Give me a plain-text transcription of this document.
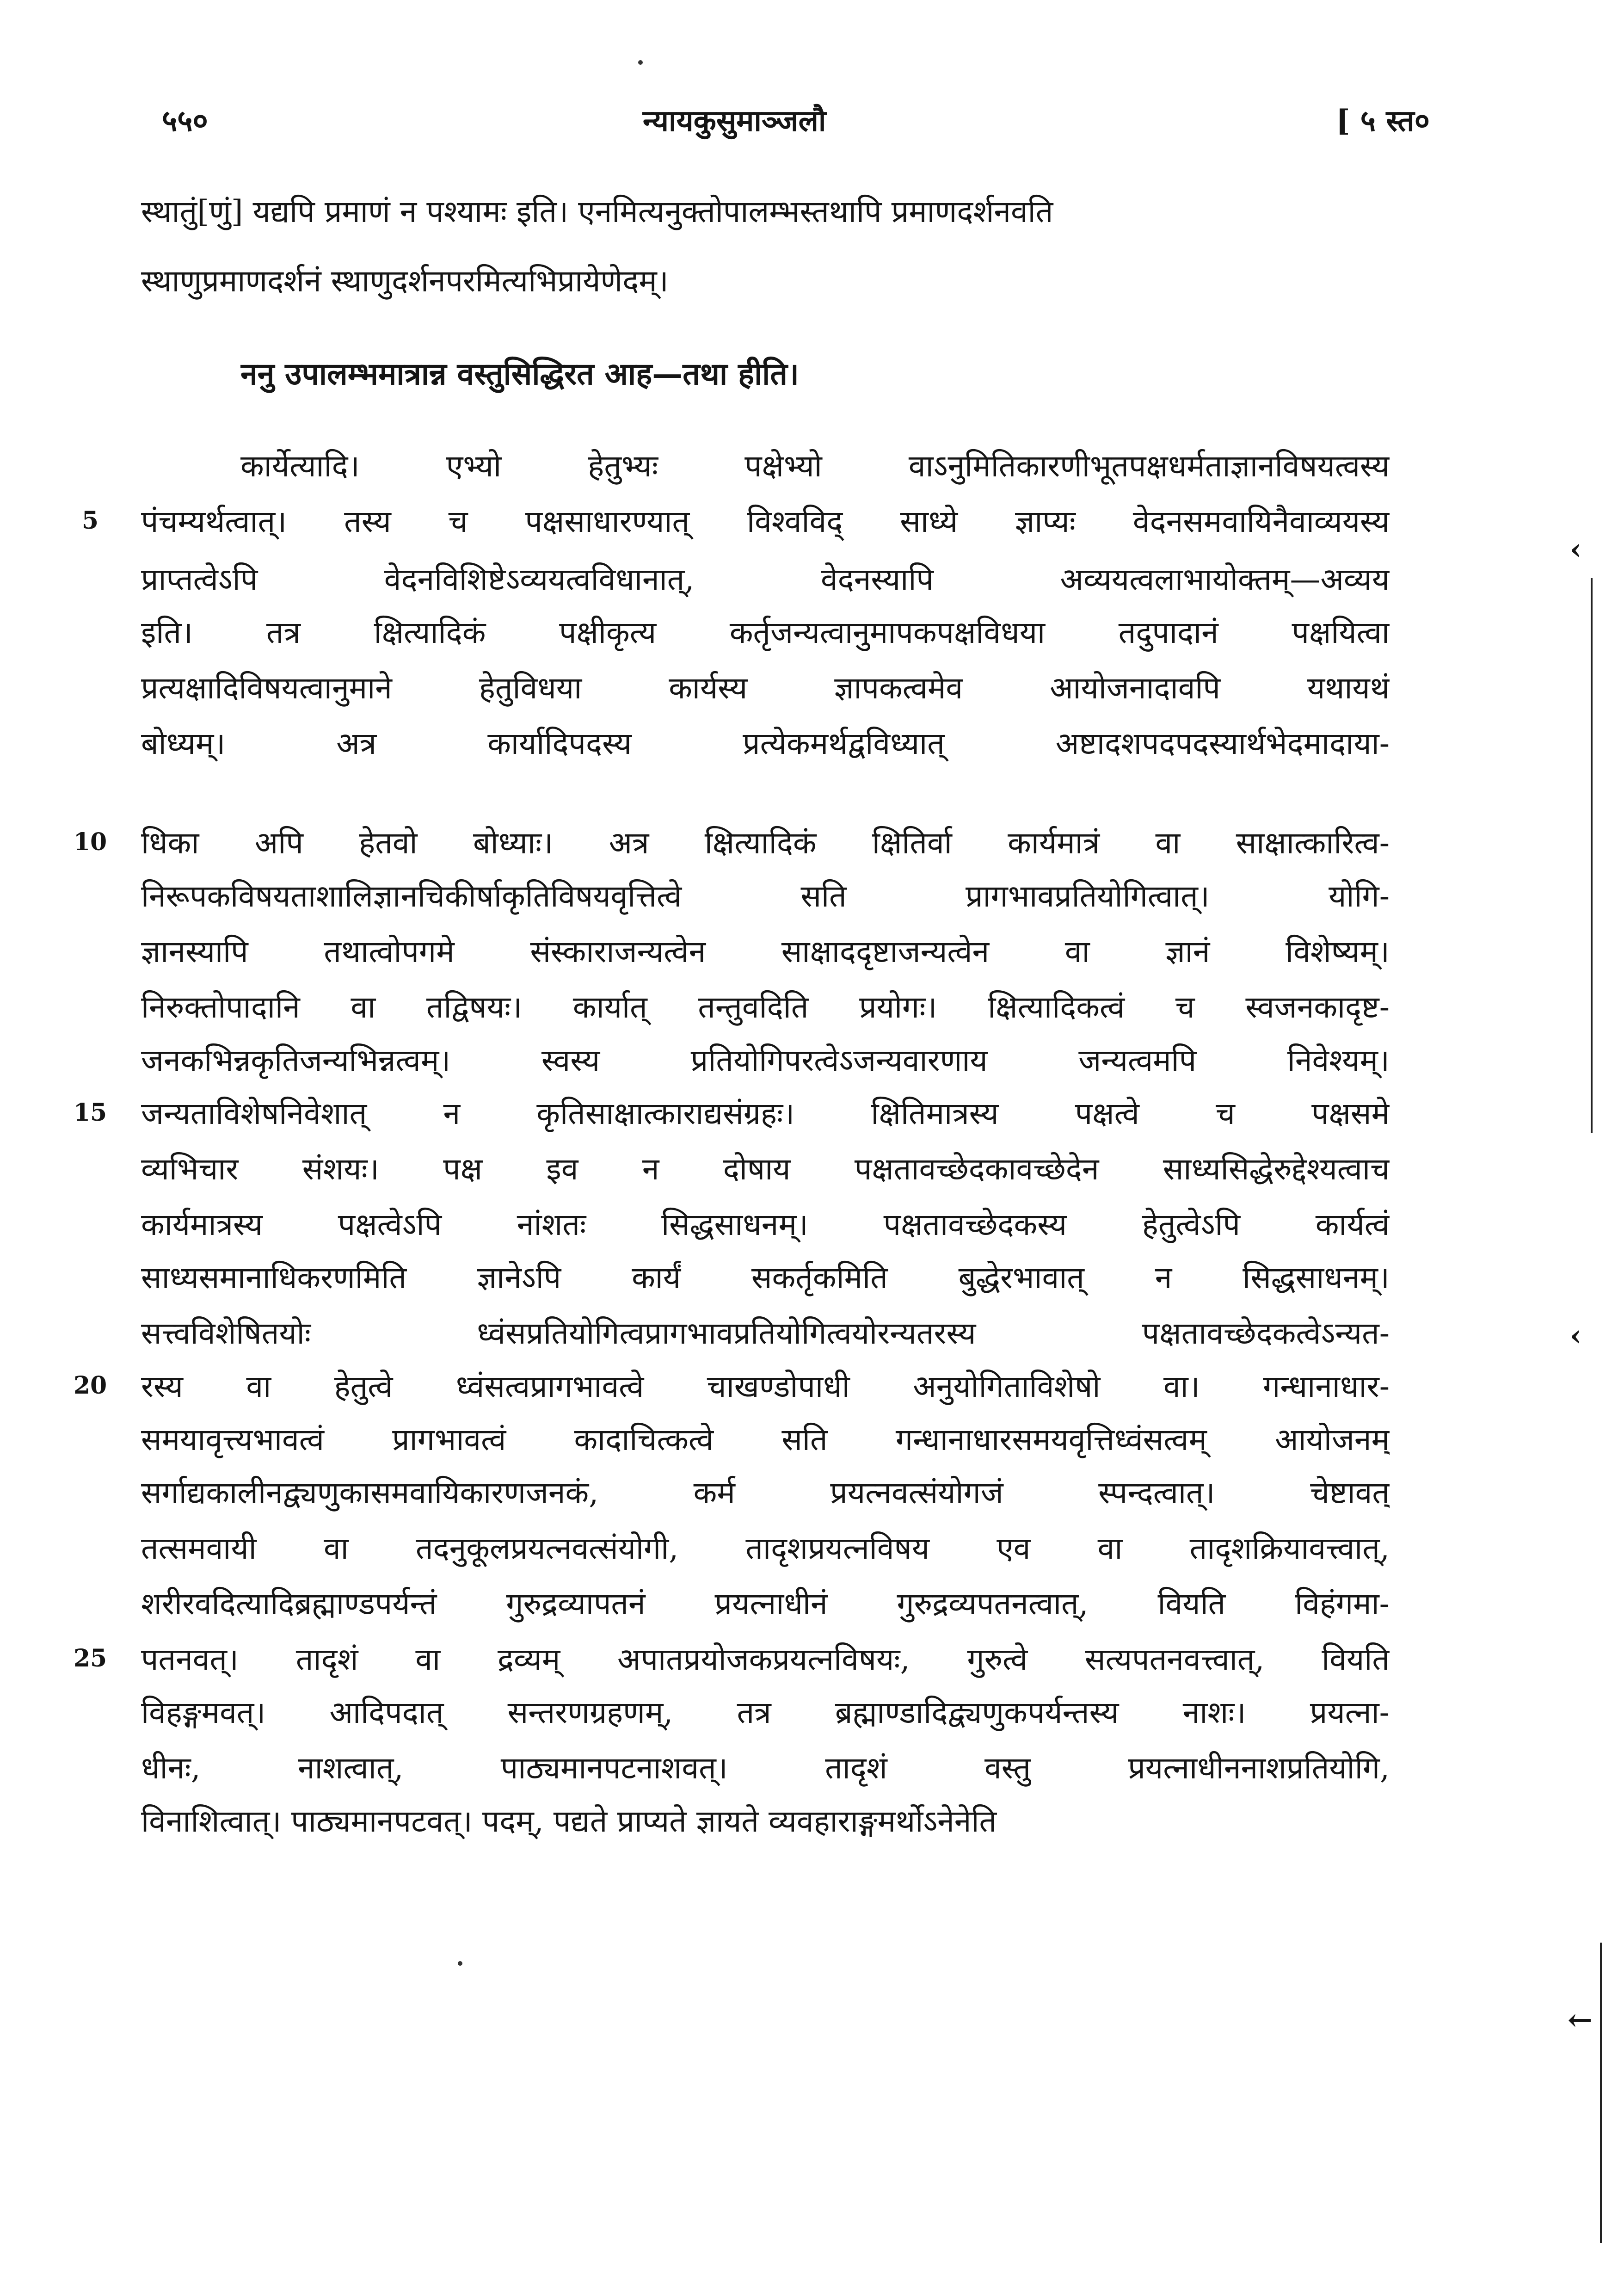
५५०	न्यायकुसुमाञ्जलौ	[ ५ स्त०
स्थातुं[णुं] यद्यपि प्रमाणं न पश्यामः इति। एनमित्यनुक्तोपालम्भस्तथापि प्रमाणदर्शनवति
स्थाणुप्रमाणदर्शनं स्थाणुदर्शनपरमित्यभिप्रायेणेदम्।
ननु उपालम्भमात्रान्न वस्तुसिद्धिरत आह—तथा हीति।
कार्येत्यादि। एभ्यो हेतुभ्यः पक्षेभ्यो वाऽनुमितिकारणीभूतपक्षधर्मताज्ञानविषयत्वस्य
5	पंचम्यर्थत्वात्। तस्य च पक्षसाधारण्यात् विश्वविद् साध्ये ज्ञाप्यः वेदनसमवायिनैवाव्ययस्य
प्राप्तत्वेऽपि वेदनविशिष्टेऽव्ययत्वविधानात्, वेदनस्यापि अव्ययत्वलाभायोक्तम्—अव्यय
इति। तत्र क्षित्यादिकं पक्षीकृत्य कर्तृजन्यत्वानुमापकपक्षविधया तदुपादानं पक्षयित्वा
प्रत्यक्षादिविषयत्वानुमाने हेतुविधया कार्यस्य ज्ञापकत्वमेव आयोजनादावपि यथायथं
बोध्यम्। अत्र कार्यादिपदस्य प्रत्येकमर्थद्वविध्यात् अष्टादशपदपदस्यार्थभेदमादाया-
10 धिका अपि हेतवो बोध्याः। अत्र क्षित्यादिकं क्षितिर्वा कार्यमात्रं वा साक्षात्कारित्व-
निरूपकविषयताशालिज्ञानचिकीर्षाकृतिविषयवृत्तित्वे सति प्रागभावप्रतियोगित्वात्। योगि-
ज्ञानस्यापि तथात्वोपगमे संस्काराजन्यत्वेन साक्षाददृष्टाजन्यत्वेन वा ज्ञानं विशेष्यम्।
निरुक्तोपादानि वा तद्विषयः। कार्यात् तन्तुवदिति प्रयोगः। क्षित्यादिकत्वं च स्वजनकादृष्ट-
जनकभिन्नकृतिजन्यभिन्नत्वम्। स्वस्य प्रतियोगिपरत्वेऽजन्यवारणाय जन्यत्वमपि निवेश्यम्।
15 जन्यताविशेषनिवेशात् न कृतिसाक्षात्काराद्यसंग्रहः। क्षितिमात्रस्य पक्षत्वे च पक्षसमे
व्यभिचार संशयः। पक्ष इव न दोषाय पक्षतावच्छेदकावच्छेदेन साध्यसिद्धेरुद्देश्यत्वाच
कार्यमात्रस्य पक्षत्वेऽपि नांशतः सिद्धसाधनम्। पक्षतावच्छेदकस्य हेतुत्वेऽपि कार्यत्वं
साध्यसमानाधिकरणमिति ज्ञानेऽपि कार्यं सकर्तृकमिति बुद्धेरभावात् न सिद्धसाधनम्।
सत्त्वविशेषितयोः ध्वंसप्रतियोगित्वप्रागभावप्रतियोगित्वयोरन्यतरस्य पक्षतावच्छेदकत्वेऽन्यत-
20 रस्य वा हेतुत्वे ध्वंसत्वप्रागभावत्वे चाखण्डोपाधी अनुयोगिताविशेषो वा। गन्धानाधार-
समयावृत्त्यभावत्वं प्रागभावत्वं कादाचित्कत्वे सति गन्धानाधारसमयवृत्तिध्वंसत्वम् आयोजनम्
सर्गाद्यकालीनद्व्यणुकासमवायिकारणजनकं, कर्म प्रयत्नवत्संयोगजं स्पन्दत्वात्। चेष्टावत्
तत्समवायी वा तदनुकूलप्रयत्नवत्संयोगी, तादृशप्रयत्नविषय एव वा तादृशक्रियावत्त्वात्,
शरीरवदित्यादिब्रह्माण्डपर्यन्तं गुरुद्रव्यापतनं प्रयत्नाधीनं गुरुद्रव्यपतनत्वात्, वियति विहंगमा-
25 पतनवत्। तादृशं वा द्रव्यम् अपातप्रयोजकप्रयत्नविषयः, गुरुत्वे सत्यपतनवत्त्वात्, वियति
विहङ्गमवत्। आदिपदात् सन्तरणग्रहणम्, तत्र ब्रह्माण्डादिद्व्यणुकपर्यन्तस्य नाशः। प्रयत्ना-
धीनः, नाशत्वात्, पाठ्यमानपटनाशवत्। तादृशं वस्तु प्रयत्नाधीननाशप्रतियोगि,
विनाशित्वात्। पाठ्यमानपटवत्। पदम्, पद्यते प्राप्यते ज्ञायते व्यवहाराङ्गमर्थोऽनेनेति
‹
‹
←
